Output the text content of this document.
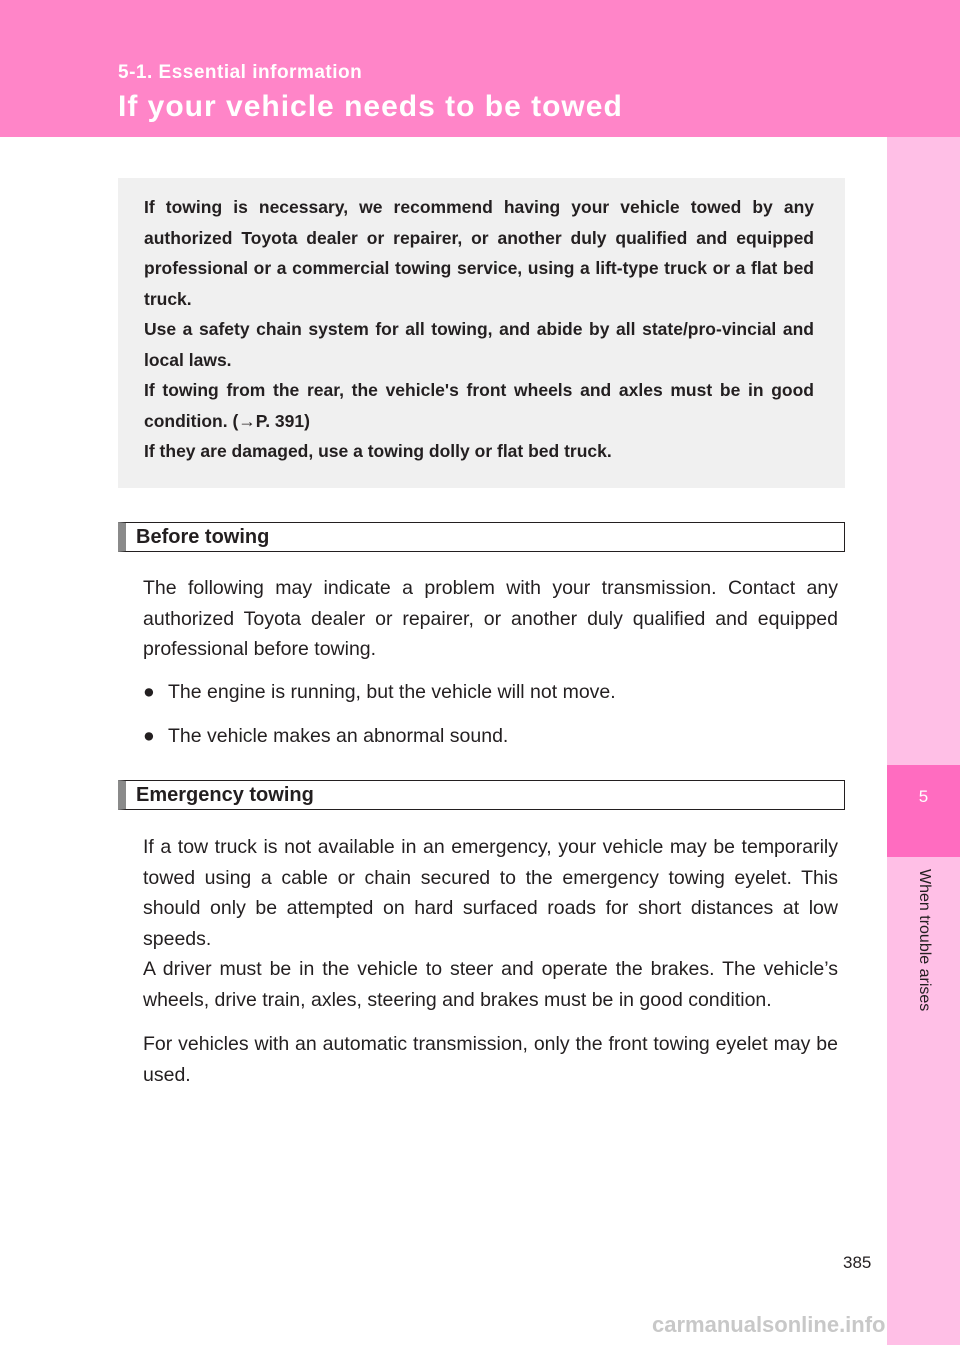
5-1. Essential information
If your vehicle needs to be towed
5
When trouble arises

If towing is necessary, we recommend having your vehicle towed by any authorized Toyota dealer or repairer, or another duly qualified and equipped professional or a commercial towing service, using a lift-type truck or a flat bed truck.

Use a safety chain system for all towing, and abide by all state/pro-vincial and local laws.

If towing from the rear, the vehicle's front wheels and axles must be in good condition. (→P. 391)

If they are damaged, use a towing dolly or flat bed truck.

Before towing

The following may indicate a problem with your transmission. Contact any authorized Toyota dealer or repairer, or another duly qualified and equipped professional before towing.

● The engine is running, but the vehicle will not move.
● The vehicle makes an abnormal sound.
Emergency towing

If a tow truck is not available in an emergency, your vehicle may be temporarily towed using a cable or chain secured to the emergency towing eyelet. This should only be attempted on hard surfaced roads for short distances at low speeds.

A driver must be in the vehicle to steer and operate the brakes. The vehicle’s wheels, drive train, axles, steering and brakes must be in good condition.

For vehicles with an automatic transmission, only the front towing eyelet may be used.

385
carmanualsonline.info
